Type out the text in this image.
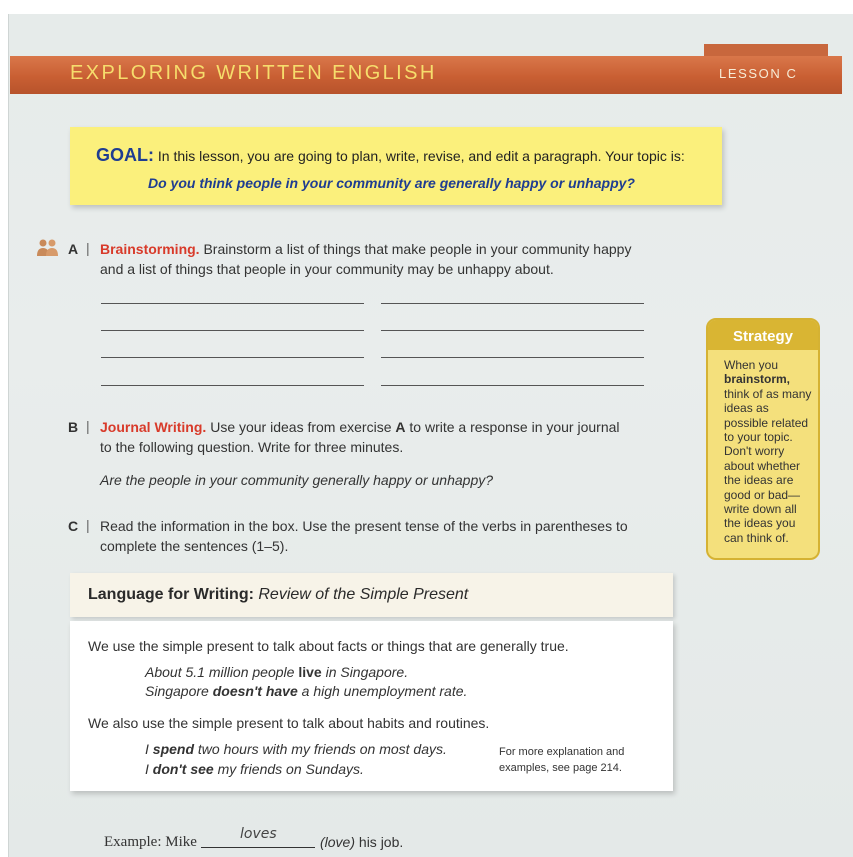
EXPLORING WRITTEN ENGLISH	LESSON C
GOAL: In this lesson, you are going to plan, write, revise, and edit a paragraph. Your topic is:
Do you think people in your community are generally happy or unhappy?
A | Brainstorming. Brainstorm a list of things that make people in your community happy
and a list of things that people in your community may be unhappy about.
B | Journal Writing. Use your ideas from exercise A to write a response in your journal
to the following question. Write for three minutes.
Are the people in your community generally happy or unhappy?
C | Read the information in the box. Use the present tense of the verbs in parentheses to
complete the sentences (1–5).
Strategy
When you brainstorm, think of as many ideas as possible related to your topic. Don't worry about whether the ideas are good or bad—write down all the ideas you can think of.
Language for Writing: Review of the Simple Present
We use the simple present to talk about facts or things that are generally true.
About 5.1 million people live in Singapore.
Singapore doesn't have a high unemployment rate.
We also use the simple present to talk about habits and routines.
I spend two hours with my friends on most days.
I don't see my friends on Sundays.
For more explanation and
examples, see page 214.
Example: Mike	loves	(love) his job.
